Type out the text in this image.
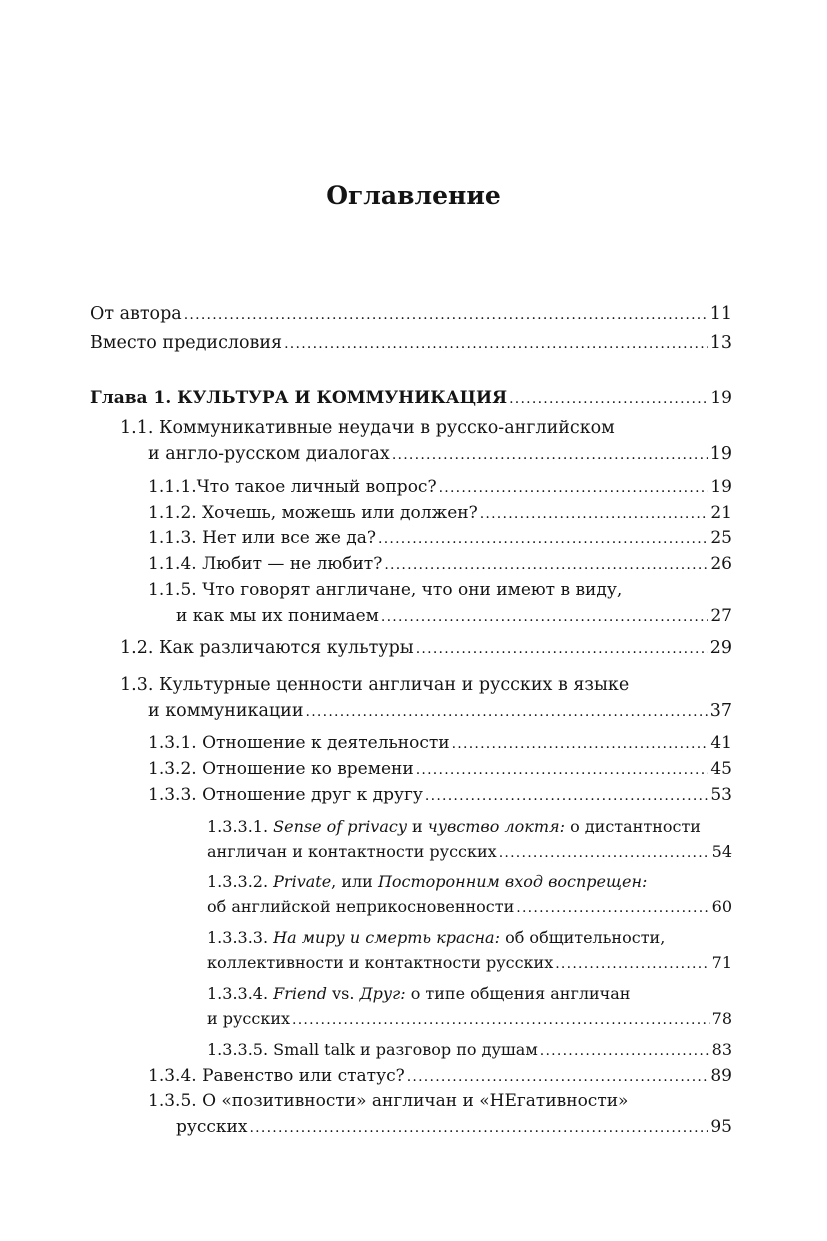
Оглавление
От автора . . .	11
Вместо предисловия . . .	13
Глава 1. КУЛЬТУРА И КОММУНИКАЦИЯ . . .	19
1.1. Коммуникативные неудачи в русско-английском
и англо-русском диалогах . . .	19
1.1.1.Что такое личный вопрос? . . .	19
1.1.2. Хочешь, можешь или должен? . . .	21
1.1.3. Нет или все же да? . . .	25
1.1.4. Любит — не любит? . . .	26
1.1.5. Что говорят англичане, что они имеют в виду,
и как мы их понимаем . . .	27
1.2. Как различаются культуры . . .	29
1.3. Культурные ценности англичан и русских в языке
и коммуникации . . .	37
1.3.1. Отношение к деятельности . . .	41
1.3.2. Отношение ко времени . . .	45
1.3.3. Отношение друг к другу . . .	53
1.3.3.1. Sense of privacy и чувство локтя: о дистантности
англичан и контактности русских . . .	54
1.3.3.2. Private, или Посторонним вход воспрещен:
об английской неприкосновенности . . .	60
1.3.3.3. На миру и смерть красна: об общительности,
коллективности и контактности русских . . .	71
1.3.3.4. Friend vs. Друг: о типе общения англичан
и русских . . .	78
1.3.3.5. Small talk и разговор по душам . . .	83
1.3.4. Равенство или статус? . . .	89
1.3.5. О «позитивности» англичан и «НЕгативности»
русских . . .	95
